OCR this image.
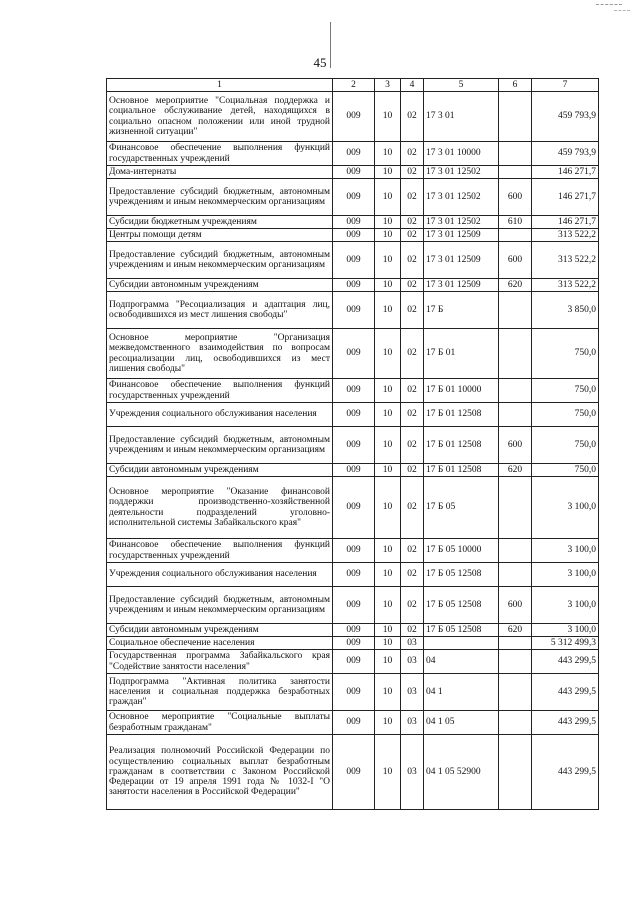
45
1	2	3	4	5	6	7
Основное мероприятие "Социальная поддержка и социальное обслуживание детей, находящихся в социально опасном положении или иной трудной жизненной ситуации"	009	10	02	17 3 01		459 793,9
Финансовое обеспечение выполнения функций государственных учреждений	009	10	02	17 3 01 10000		459 793,9
Дома-интернаты	009	10	02	17 3 01 12502		146 271,7
Предоставление субсидий бюджетным, автономным учреждениям и иным некоммерческим организациям	009	10	02	17 3 01 12502	600	146 271,7
Субсидии бюджетным учреждениям	009	10	02	17 3 01 12502	610	146 271,7
Центры помощи детям	009	10	02	17 3 01 12509		313 522,2
Предоставление субсидий бюджетным, автономным учреждениям и иным некоммерческим организациям	009	10	02	17 3 01 12509	600	313 522,2
Субсидии автономным учреждениям	009	10	02	17 3 01 12509	620	313 522,2
Подпрограмма "Ресоциализация и адаптация лиц, освободившихся из мест лишения свободы"	009	10	02	17 Б		3 850,0
Основное мероприятие "Организация межведомственного взаимодействия по вопросам ресоциализации лиц, освободившихся из мест лишения свободы"	009	10	02	17 Б 01		750,0
Финансовое обеспечение выполнения функций государственных учреждений	009	10	02	17 Б 01 10000		750,0
Учреждения социального обслуживания населения	009	10	02	17 Б 01 12508		750,0
Предоставление субсидий бюджетным, автономным учреждениям и иным некоммерческим организациям	009	10	02	17 Б 01 12508	600	750,0
Субсидии автономным учреждениям	009	10	02	17 Б 01 12508	620	750,0
Основное мероприятие "Оказание финансовой поддержки производственно-хозяйственной деятельности подразделений уголовно-исполнительной системы Забайкальского края"	009	10	02	17 Б 05		3 100,0
Финансовое обеспечение выполнения функций государственных учреждений	009	10	02	17 Б 05 10000		3 100,0
Учреждения социального обслуживания населения	009	10	02	17 Б 05 12508		3 100,0
Предоставление субсидий бюджетным, автономным учреждениям и иным некоммерческим организациям	009	10	02	17 Б 05 12508	600	3 100,0
Субсидии автономным учреждениям	009	10	02	17 Б 05 12508	620	3 100,0
Социальное обеспечение населения	009	10	03			5 312 499,3
Государственная программа Забайкальского края "Содействие занятости населения"	009	10	03	04		443 299,5
Подпрограмма "Активная политика занятости населения и социальная поддержка безработных граждан"	009	10	03	04 1		443 299,5
Основное мероприятие "Социальные выплаты безработным гражданам"	009	10	03	04 1 05		443 299,5
Реализация полномочий Российской Федерации по осуществлению социальных выплат безработным гражданам в соответствии с Законом Российской Федерации от 19 апреля 1991 года № 1032-I "О занятости населения в Российской Федерации"	009	10	03	04 1 05 52900		443 299,5
